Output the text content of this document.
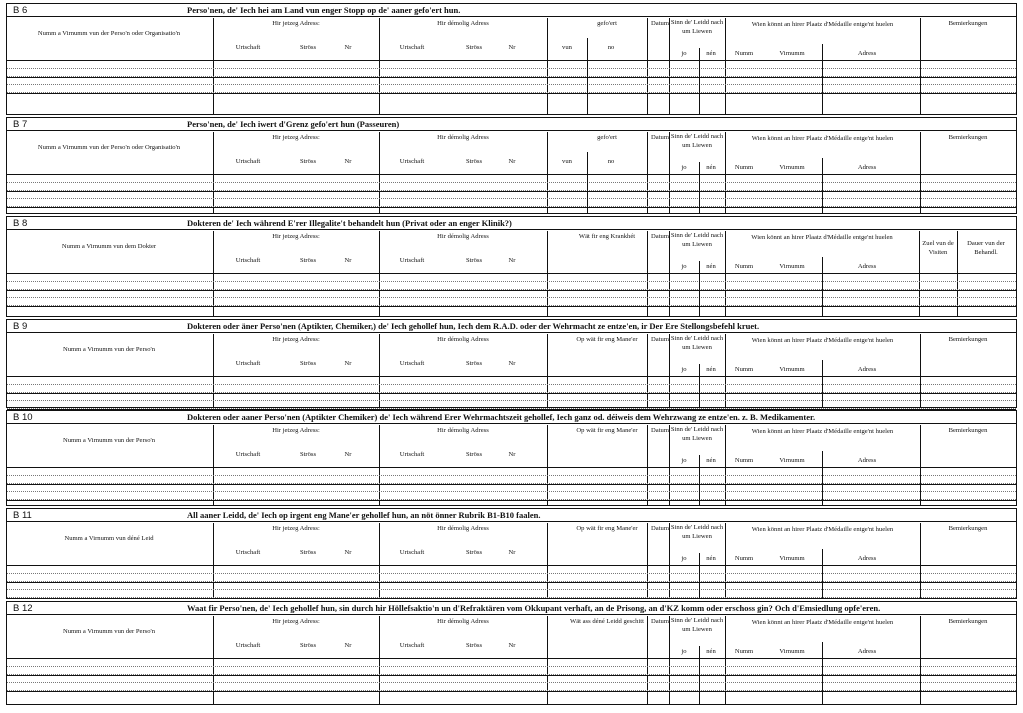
B 6	Perso'nen, de' Iech hei am Land vun enger Stopp op de' aaner gefo'ert hun.
Numm a Virnumm vun der Perso'n oder Organisatio'n
Hir jetzeg Adress:
Urtschaft	Ströss	Nr
Hir démolig Adress
Urtschaft	Ströss	Nr
gefo'ert
vun	no
Datum Sinn de' Leidd nach um Liewen
jo	nén
Wien könnt an hirer Plaatz d'Médaille entge'nt huelen
Numm	Virnumm	Adress
Bemierkungen
B 7	Perso'nen, de' Iech iwert d'Grenz gefo'ert hun (Passeuren)
Numm a Virnumm vun der Perso'n oder Organisatio'n
Hir jetzeg Adress:
Urtschaft	Ströss	Nr
Hir démolig Adress
Urtschaft	Ströss	Nr
gefo'ert
vun	no
Datum Sinn de' Leidd nach um Liewen
jo	nén
Wien könnt an hirer Plaatz d'Médaille entge'nt huelen
Numm	Virnumm	Adress
Bemierkungen
B 8	Dokteren de' Iech während E'rer Illegalite't behandelt hun (Privat oder an enger Klinik?)
Numm a Virnumm vun dem Dokter
Hir jetzeg Adress:
Urtschaft	Ströss	Nr
Hir démolig Adress
Urtschaft	Ströss	Nr
Wät fir eng Krankhét	Datum Sinn de' Leidd nach um Liewen
jo	nén
Wien könnt an hirer Plaatz d'Médaille entge'nt huelen
Numm	Virnumm	Adress
Zuel vun de Visiten
Dauer vun der Behandl.
B 9	Dokteren oder äner Perso'nen (Aptikter, Chemiker,) de' Iech gehollef hun, Iech dem R.A.D. oder der Wehrmacht ze entze'en, ir Der Ere Stellongsbefehl kruet.
Numm a Virnumm vun der Perso'n
Hir jetzeg Adress:
Urtschaft	Ströss	Nr
Hir démolig Adress
Urtschaft	Ströss	Nr
Op wät fir eng Mane'er	Datum Sinn de' Leidd nach um Liewen
jo	nén
Wien könnt an hirer Plaatz d'Médaille entge'nt huelen
Numm	Virnumm	Adress
Bemierkungen
B 10	Dokteren oder aaner Perso'nen (Aptikter Chemiker) de' Iech während Erer Wehrmachtszeit gehollef, Iech ganz od. déiweis dem Wehrzwang ze entze'en. z. B. Medikamenter.
Numm a Virnumm vun der Perso'n
Hir jetzeg Adress:
Urtschaft	Ströss	Nr
Hir démolig Adress
Urtschaft	Ströss	Nr
Op wät fir eng Mane'er	Datum Sinn de' Leidd nach um Liewen
jo	nén
Wien könnt an hirer Plaatz d'Médaille entge'nt huelen
Numm	Virnumm	Adress
Bemierkungen
B 11	All aaner Leidd, de' Iech op irgent eng Mane'er gehollef hun, an nöt önner Rubrik B1-B10 faalen.
Numm a Virnumm vun déné Leid
Hir jetzeg Adress:
Urtschaft	Ströss	Nr
Hir démolig Adress
Urtschaft	Ströss	Nr
Op wät fir eng Mane'er	Datum Sinn de' Leidd nach um Liewen
jo	nén
Wien könnt an hirer Plaatz d'Médaille entge'nt huelen
Numm	Virnumm	Adress
Bemierkungen
B 12	Waat fir Perso'nen, de' Iech gehollef hun, sin durch hir Höllefsaktio'n un d'Refraktären vom Okkupant verhaft, an de Prisong, an d'KZ komm oder erschoss gin? Och d'Emsiedlung opfe'eren.
Numm a Virnumm vun der Perso'n
Hir jetzeg Adress:
Urtschaft	Ströss	Nr
Hir démolig Adress
Urtschaft	Ströss	Nr
Wät ass déné Leidd geschitt	Datum Sinn de' Leidd nach um Liewen
jo	nén
Wien könnt an hirer Plaatz d'Médaille entge'nt huelen
Numm	Virnumm	Adress
Bemierkungen
